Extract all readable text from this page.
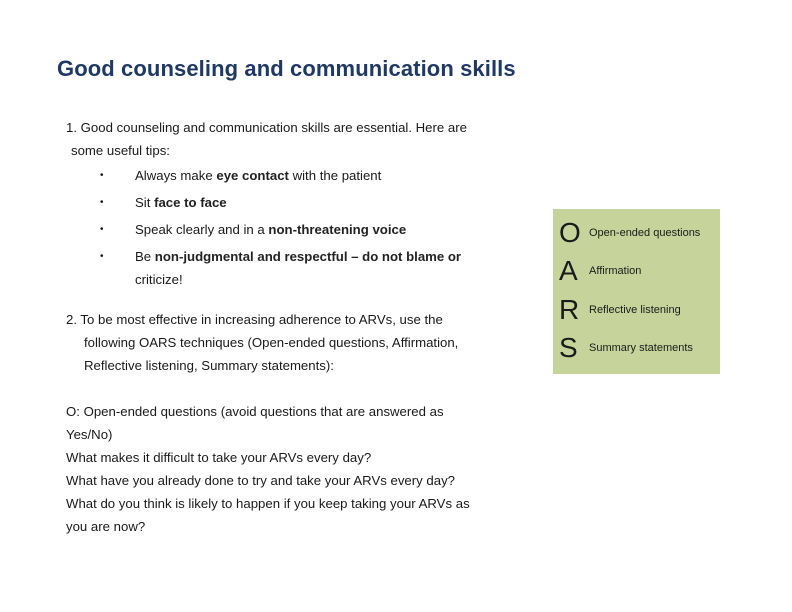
Good counseling and communication skills
1. Good counseling and communication skills are essential. Here are
some useful tips:
• Always make eye contact with the patient
• Sit face to face
• Speak clearly and in a non-threatening voice
• Be non-judgmental and respectful – do not blame or
criticize!
2. To be most effective in increasing adherence to ARVs, use the
following OARS techniques (Open-ended questions, Affirmation,
Reflective listening, Summary statements):
O: Open-ended questions (avoid questions that are answered as
Yes/No)
What makes it difficult to take your ARVs every day?
What have you already done to try and take your ARVs every day?
What do you think is likely to happen if you keep taking your ARVs as
you are now?
O Open-ended questions
A	Affirmation
R Reflective listening
S	Summary statements
